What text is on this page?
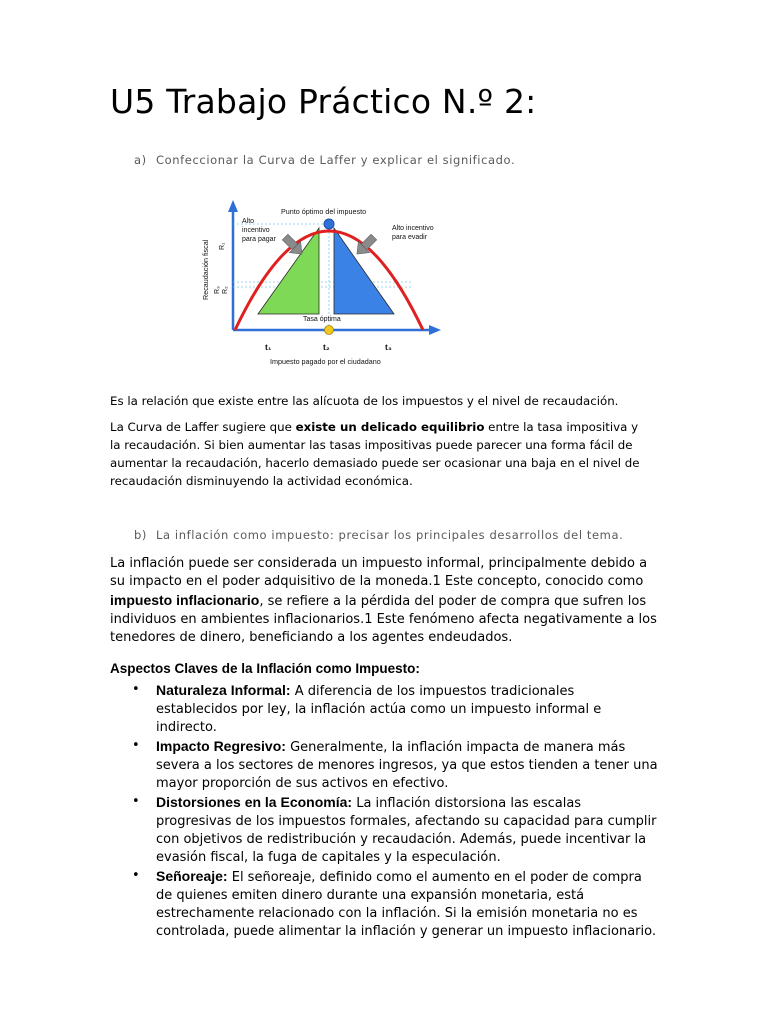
U5 Trabajo Práctico N.º 2:
a) Confeccionar la Curva de Laffer y explicar el significado.
Punto óptimo del impuesto
Alto
incentivo
para pagar
Alto incentivo
para evadir
Recaudación fiscal R₁
R₃ R₂
Tasa óptima
t₁	t₂	t₃
Impuesto pagado por el ciudadano
Es la relación que existe entre las alícuota de los impuestos y el nivel de recaudación.
La Curva de Laffer sugiere que existe un delicado equilibrio entre la tasa impositiva y la recaudación. Si bien aumentar las tasas impositivas puede parecer una forma fácil de aumentar la recaudación, hacerlo demasiado puede ser ocasionar una baja en el nivel de recaudación disminuyendo la actividad económica.
b) La inflación como impuesto: precisar los principales desarrollos del tema.
La inflación puede ser considerada un impuesto informal, principalmente debido a su impacto en el poder adquisitivo de la moneda.1 Este concepto, conocido como impuesto inflacionario, se refiere a la pérdida del poder de compra que sufren los individuos en ambientes inflacionarios.1 Este fenómeno afecta negativamente a los tenedores de dinero, beneficiando a los agentes endeudados.
Aspectos Claves de la Inflación como Impuesto:
• Naturaleza Informal: A diferencia de los impuestos tradicionales establecidos por ley, la inflación actúa como un impuesto informal e indirecto.
• Impacto Regresivo: Generalmente, la inflación impacta de manera más severa a los sectores de menores ingresos, ya que estos tienden a tener una mayor proporción de sus activos en efectivo.
• Distorsiones en la Economía: La inflación distorsiona las escalas progresivas de los impuestos formales, afectando su capacidad para cumplir con objetivos de redistribución y recaudación. Además, puede incentivar la evasión fiscal, la fuga de capitales y la especulación.
• Señoreaje: El señoreaje, definido como el aumento en el poder de compra de quienes emiten dinero durante una expansión monetaria, está estrechamente relacionado con la inflación. Si la emisión monetaria no es controlada, puede alimentar la inflación y generar un impuesto inflacionario.
